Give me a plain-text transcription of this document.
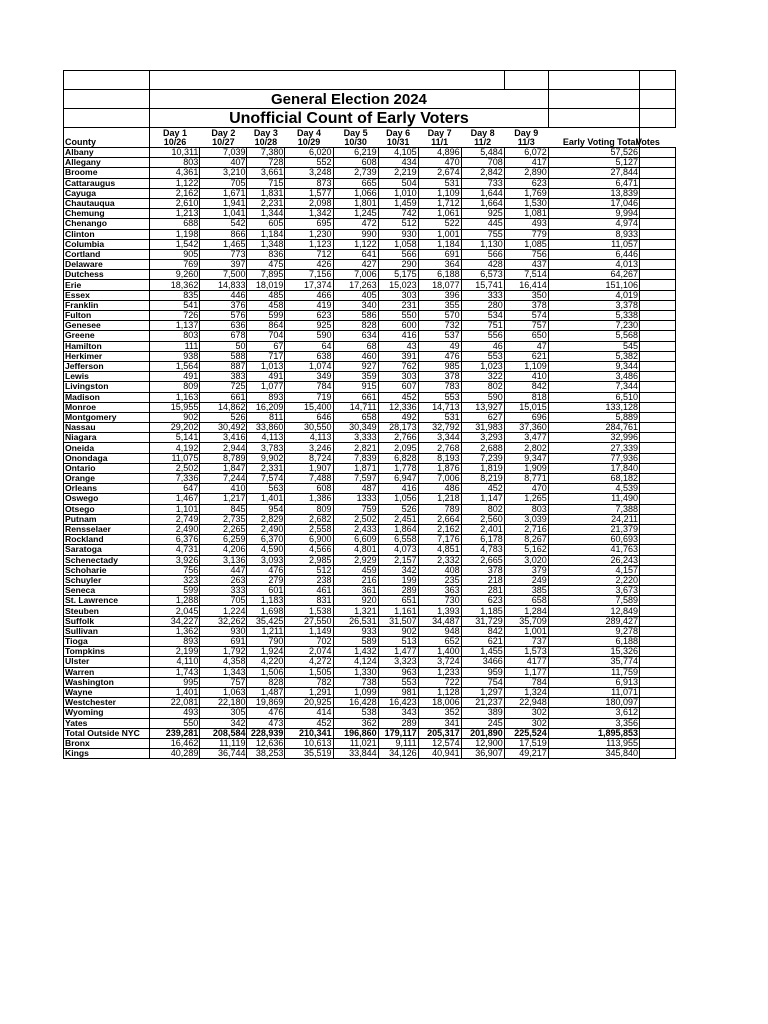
	General Election 2024										
	Unofficial Count of Early Voters										
	Day 1	Day 2	Day 3	Day 4	Day 5	Day 6	Day 7	Day 8	Day 9		
County	10/26	10/27	10/28	10/29	10/30	10/31	11/1	11/2	11/3	Early Voting Total	Votes
Albany	10,311	7,039	7,380	6,020	6,219	4,105	4,896	5,484	6,072	57,526	
Allegany	803	407	728	552	608	434	470	708	417	5,127	
Broome	4,361	3,210	3,661	3,248	2,739	2,219	2,674	2,842	2,890	27,844	
Cattaraugus	1,122	705	715	873	665	504	531	733	623	6,471	
Cayuga	2,162	1,671	1,831	1,577	1,066	1,010	1,109	1,644	1,769	13,839	
Chautauqua	2,610	1,941	2,231	2,098	1,801	1,459	1,712	1,664	1,530	17,046	
Chemung	1,213	1,041	1,344	1,342	1,245	742	1,061	925	1,081	9,994	
Chenango	688	542	605	695	472	512	522	445	493	4,974	
Clinton	1,198	866	1,184	1,230	990	930	1,001	755	779	8,933	
Columbia	1,542	1,465	1,348	1,123	1,122	1,058	1,184	1,130	1,085	11,057	
Cortland	905	773	836	712	641	566	691	566	756	6,446	
Delaware	769	397	475	426	427	290	364	428	437	4,013	
Dutchess	9,260	7,500	7,895	7,156	7,006	5,175	6,188	6,573	7,514	64,267	
Erie	18,362	14,833	18,019	17,374	17,263	15,023	18,077	15,741	16,414	151,106	
Essex	835	446	485	466	405	303	396	333	350	4,019	
Franklin	541	376	458	419	340	231	355	280	378	3,378	
Fulton	726	576	599	623	586	550	570	534	574	5,338	
Genesee	1,137	636	864	925	828	600	732	751	757	7,230	
Greene	803	678	704	590	634	416	537	556	650	5,568	
Hamilton	111	50	67	64	68	43	49	46	47	545	
Herkimer	938	588	717	638	460	391	476	553	621	5,382	
Jefferson	1,564	887	1,013	1,074	927	762	985	1,023	1,109	9,344	
Lewis	491	383	491	349	359	303	378	322	410	3,486	
Livingston	809	725	1,077	784	915	607	783	802	842	7,344	
Madison	1,163	661	893	719	661	452	553	590	818	6,510	
Monroe	15,955	14,862	16,209	15,400	14,711	12,336	14,713	13,927	15,015	133,128	
Montgomery	902	526	811	646	658	492	531	627	696	5,889	
Nassau	29,202	30,492	33,860	30,550	30,349	28,173	32,792	31,983	37,360	284,761	
Niagara	5,141	3,416	4,113	4,113	3,333	2,766	3,344	3,293	3,477	32,996	
Oneida	4,192	2,944	3,783	3,246	2,821	2,095	2,768	2,688	2,802	27,339	
Onondaga	11,075	8,789	9,902	8,724	7,839	6,828	8,193	7,239	9,347	77,936	
Ontario	2,502	1,847	2,331	1,907	1,871	1,778	1,876	1,819	1,909	17,840	
Orange	7,336	7,244	7,574	7,488	7,597	6,947	7,006	8,219	8,771	68,182	
Orleans	647	410	563	608	487	416	486	452	470	4,539	
Oswego	1,467	1,217	1,401	1,386	1333	1,056	1,218	1,147	1,265	11,490	
Otsego	1,101	845	954	809	759	526	789	802	803	7,388	
Putnam	2,749	2,735	2,829	2,682	2,502	2,451	2,664	2,560	3,039	24,211	
Rensselaer	2,490	2,265	2,490	2,558	2,433	1,864	2,162	2,401	2,716	21,379	
Rockland	6,376	6,259	6,370	6,900	6,609	6,558	7,176	6,178	8,267	60,693	
Saratoga	4,731	4,206	4,590	4,566	4,801	4,073	4,851	4,783	5,162	41,763	
Schenectady	3,926	3,136	3,093	2,985	2,929	2,157	2,332	2,665	3,020	26,243	
Schoharie	756	447	476	512	459	342	408	378	379	4,157	
Schuyler	323	263	279	238	216	199	235	218	249	2,220	
Seneca	599	333	601	461	361	289	363	281	385	3,673	
St. Lawrence	1,288	705	1,183	831	920	651	730	623	658	7,589	
Steuben	2,045	1,224	1,698	1,538	1,321	1,161	1,393	1,185	1,284	12,849	
Suffolk	34,227	32,262	35,425	27,550	26,531	31,507	34,487	31,729	35,709	289,427	
Sullivan	1,362	930	1,211	1,149	933	902	948	842	1,001	9,278	
Tioga	893	691	790	702	589	513	652	621	737	6,188	
Tompkins	2,199	1,792	1,924	2,074	1,432	1,477	1,400	1,455	1,573	15,326	
Ulster	4,110	4,358	4,220	4,272	4,124	3,323	3,724	3466	4177	35,774	
Warren	1,743	1,343	1,506	1,505	1,330	963	1,233	959	1,177	11,759	
Washington	995	757	828	782	738	553	722	754	784	6,913	
Wayne	1,401	1,063	1,487	1,291	1,099	981	1,128	1,297	1,324	11,071	
Westchester	22,081	22,180	19,869	20,925	16,428	16,423	18,006	21,237	22,948	180,097	
Wyoming	493	305	476	414	538	343	352	389	302	3,612	
Yates	550	342	473	452	362	289	341	245	302	3,356	
Total Outside NYC	239,281	208,584	228,939	210,341	196,860	179,117	205,317	201,890	225,524	1,895,853	
Bronx	16,462	11,119	12,636	10,613	11,021	9,111	12,574	12,900	17,519	113,955	
Kings	40,289	36,744	38,253	35,519	33,844	34,126	40,941	36,907	49,217	345,840	
